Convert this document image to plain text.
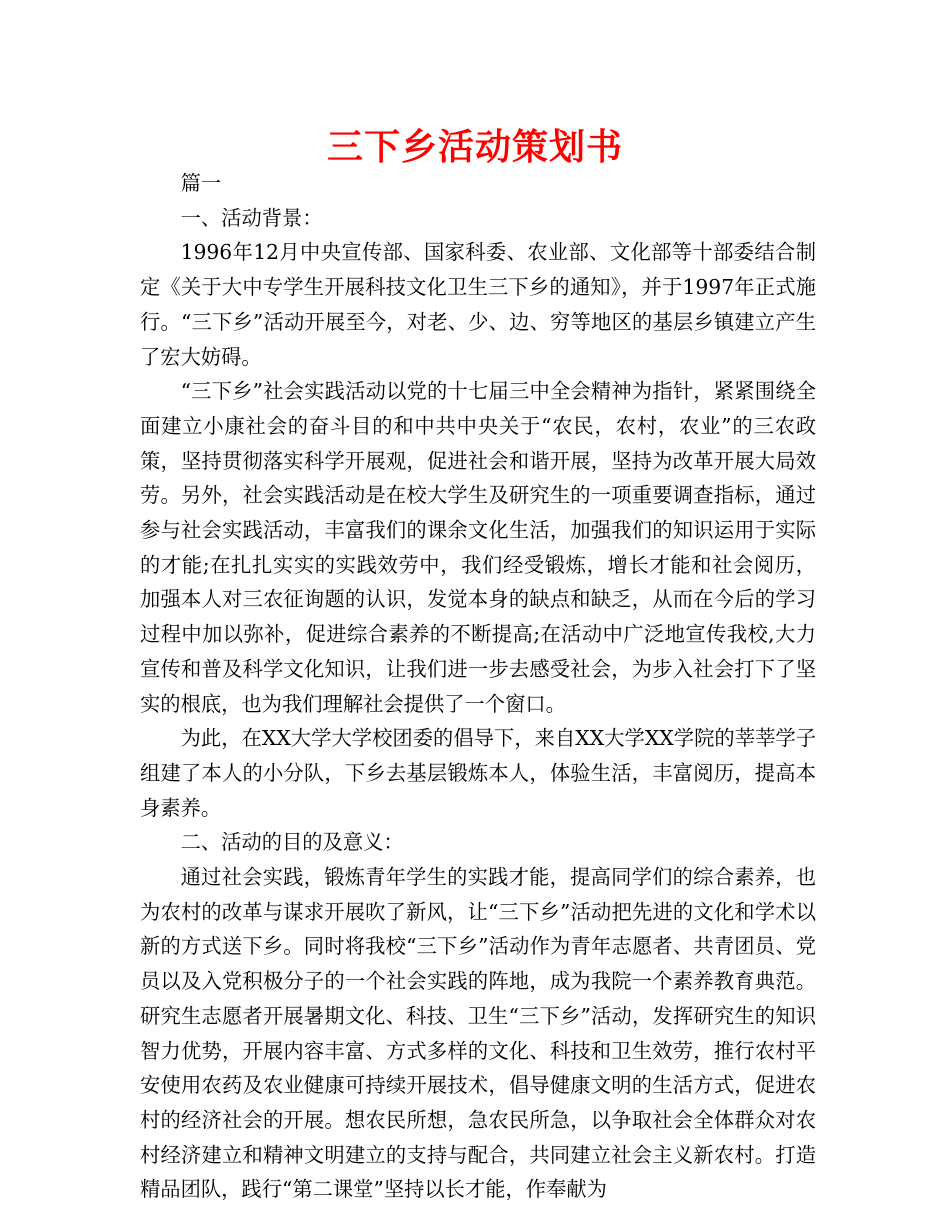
三下乡活动策划书

篇一

一、活动背景：

1996年12月中央宣传部、国家科委、农业部、文化部等十部委结合制定《关于大中专学生开展科技文化卫生三下乡的通知》，并于1997年正式施行。“三下乡”活动开展至今，对老、少、边、穷等地区的基层乡镇建立产生了宏大妨碍。

“三下乡”社会实践活动以党的十七届三中全会精神为指针，紧紧围绕全面建立小康社会的奋斗目的和中共中央关于“农民，农村，农业”的三农政策，坚持贯彻落实科学开展观，促进社会和谐开展，坚持为改革开展大局效劳。另外，社会实践活动是在校大学生及研究生的一项重要调查指标，通过参与社会实践活动，丰富我们的课余文化生活，加强我们的知识运用于实际的才能;在扎扎实实的实践效劳中，我们经受锻炼，增长才能和社会阅历，加强本人对三农征询题的认识，发觉本身的缺点和缺乏，从而在今后的学习过程中加以弥补，促进综合素养的不断提高;在活动中广泛地宣传我校,大力宣传和普及科学文化知识，让我们进一步去感受社会，为步入社会打下了坚实的根底，也为我们理解社会提供了一个窗口。

为此，在XX大学大学校团委的倡导下，来自XX大学XX学院的莘莘学子组建了本人的小分队，下乡去基层锻炼本人，体验生活，丰富阅历，提高本身素养。

二、活动的目的及意义：

通过社会实践，锻炼青年学生的实践才能，提高同学们的综合素养，也为农村的改革与谋求开展吹了新风，让“三下乡”活动把先进的文化和学术以新的方式送下乡。同时将我校“三下乡”活动作为青年志愿者、共青团员、党员以及入党积极分子的一个社会实践的阵地，成为我院一个素养教育典范。研究生志愿者开展暑期文化、科技、卫生“三下乡”活动，发挥研究生的知识智力优势，开展内容丰富、方式多样的文化、科技和卫生效劳，推行农村平安使用农药及农业健康可持续开展技术，倡导健康文明的生活方式，促进农村的经济社会的开展。想农民所想，急农民所急，以争取社会全体群众对农村经济建立和精神文明建立的支持与配合，共同建立社会主义新农村。打造精品团队，践行“第二课堂”坚持以长才能，作奉献为
